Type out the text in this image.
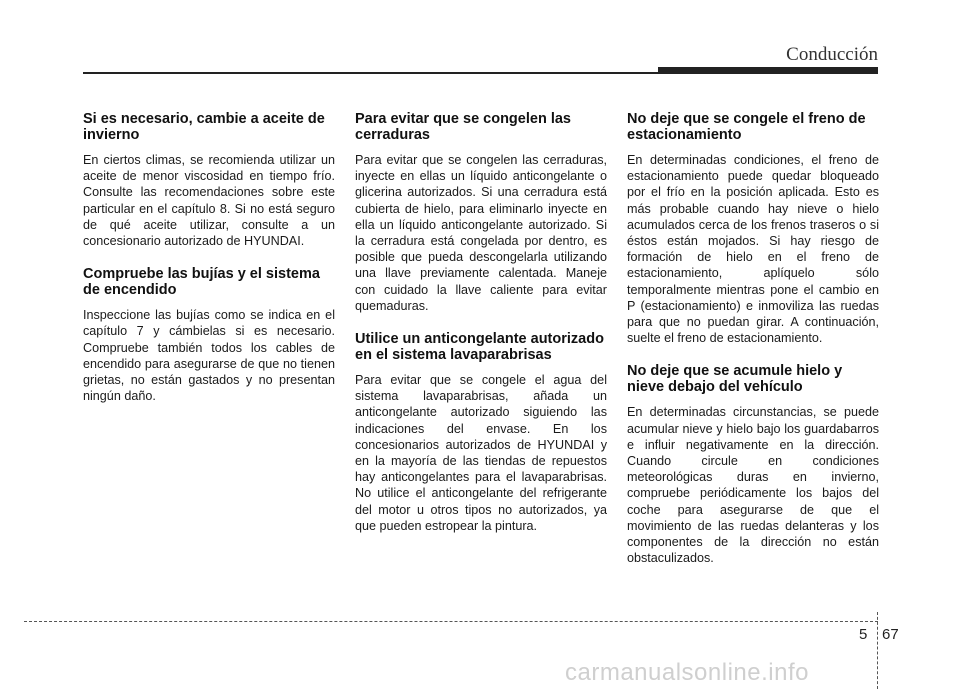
Conducción
Si es necesario, cambie a aceite de invierno

En ciertos climas, se recomienda utilizar un aceite de menor viscosidad en tiempo frío. Consulte las recomendaciones sobre este particular en el capítulo 8. Si no está seguro de qué aceite utilizar, consulte a un concesionario autorizado de HYUNDAI.

Compruebe las bujías y el sistema de encendido

Inspeccione las bujías como se indica en el capítulo 7 y cámbielas si es necesario. Compruebe también todos los cables de encendido para asegurarse de que no tienen grietas, no están gastados y no presentan ningún daño.

Para evitar que se congelen las cerraduras

Para evitar que se congelen las cerraduras, inyecte en ellas un líquido anticongelante o glicerina autorizados. Si una cerradura está cubierta de hielo, para eliminarlo inyecte en ella un líquido anticongelante autorizado. Si la cerradura está congelada por dentro, es posible que pueda descongelarla utilizando una llave previamente calentada. Maneje con cuidado la llave caliente para evitar quemaduras.

Utilice un anticongelante autorizado en el sistema lavaparabrisas

Para evitar que se congele el agua del sistema lavaparabrisas, añada un anticongelante autorizado siguiendo las indicaciones del envase. En los concesionarios autorizados de HYUNDAI y en la mayoría de las tiendas de repuestos hay anticongelantes para el lavaparabrisas. No utilice el anticongelante del refrigerante del motor u otros tipos no autorizados, ya que pueden estropear la pintura.

No deje que se congele el freno de estacionamiento

En determinadas condiciones, el freno de estacionamiento puede quedar bloqueado por el frío en la posición aplicada. Esto es más probable cuando hay nieve o hielo acumulados cerca de los frenos traseros o si éstos están mojados. Si hay riesgo de formación de hielo en el freno de estacionamiento, aplíquelo sólo temporalmente mientras pone el cambio en P (estacionamiento) e inmoviliza las ruedas para que no puedan girar. A continuación, suelte el freno de estacionamiento.

No deje que se acumule hielo y nieve debajo del vehículo

En determinadas circunstancias, se puede acumular nieve y hielo bajo los guardabarros e influir negativamente en la dirección. Cuando circule en condiciones meteorológicas duras en invierno, compruebe periódicamente los bajos del coche para asegurarse de que el movimiento de las ruedas delanteras y los componentes de la dirección no están obstaculizados.

5 67
carmanualsonline.info
